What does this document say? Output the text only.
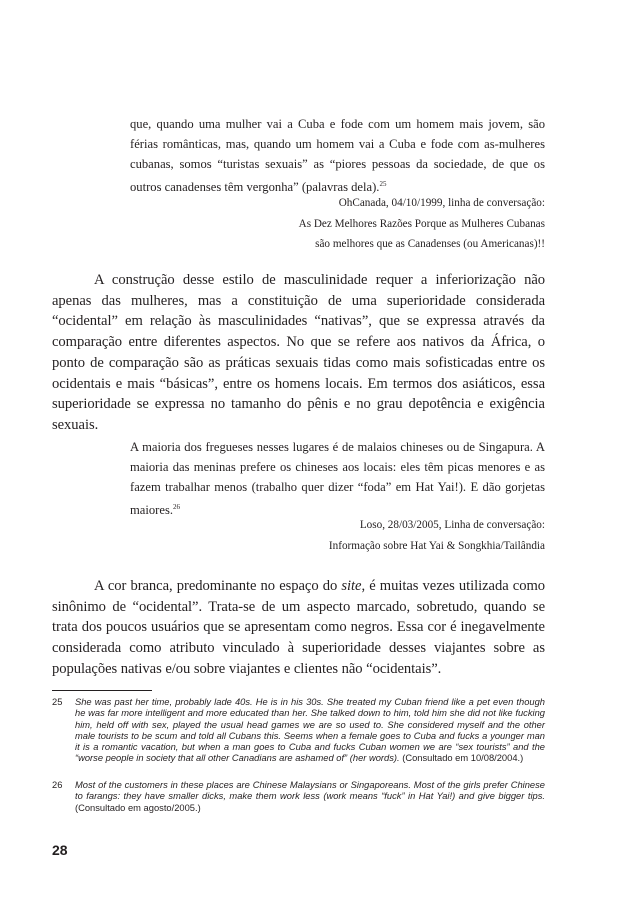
que, quando uma mulher vai a Cuba e fode com um homem mais jovem, são férias românticas, mas, quando um homem vai a Cuba e fode com as-mulheres cubanas, somos “turistas sexuais” as “piores pessoas da sociedade, de que os outros canadenses têm vergonha” (palavras dela).$^{25}$
OhCanada, 04/10/1999, linha de conversação:
As Dez Melhores Razões Porque as Mulheres Cubanas
são melhores que as Canadenses (ou Americanas)!!
A construção desse estilo de masculinidade requer a inferiorização não apenas das mulheres, mas a constituição de uma superioridade considerada “ocidental” em relação às masculinidades “nativas”, que se expressa através da comparação entre diferentes aspectos. No que se refere aos nativos da África, o ponto de comparação são as práticas sexuais tidas como mais sofisticadas entre os ocidentais e mais “básicas”, entre os homens locais. Em termos dos asiáticos, essa superioridade se expressa no tamanho do pênis e no grau depotência e exigência sexuais.
A maioria dos fregueses nesses lugares é de malaios chineses ou de Singapura. A maioria das meninas prefere os chineses aos locais: eles têm picas menores e as fazem trabalhar menos (trabalho quer dizer “foda” em Hat Yai!). E dão gorjetas maiores.$^{26}$
Loso, 28/03/2005, Linha de conversação:
Informação sobre Hat Yai & Songkhia/Tailândia
A cor branca, predominante no espaço do site, é muitas vezes utilizada como sinônimo de “ocidental”. Trata-se de um aspecto marcado, sobretudo, quando se trata dos poucos usuários que se apresentam como negros. Essa cor é inegavelmente considerada como atributo vinculado à superioridade desses viajantes sobre as populações nativas e/ou sobre viajantes e clientes não “ocidentais”.
25 She was past her time, probably lade 40s. He is in his 30s. She treated my Cuban friend like a pet even though he was far more intelligent and more educated than her. She talked down to him, told him she did not like fucking him, held off with sex, played the usual head games we are so used to. She considered myself and the other male tourists to be scum and told all Cubans this. Seems when a female goes to Cuba and fucks a younger man it is a romantic vacation, but when a man goes to Cuba and fucks Cuban women we are “sex tourists” and the “worse people in society that all other Canadians are ashamed of” (her words). (Consultado em 10/08/2004.)
26 Most of the customers in these places are Chinese Malaysians or Singaporeans. Most of the girls prefer Chinese to farangs: they have smaller dicks, make them work less (work means “fuck” in Hat Yai!) and give bigger tips. (Consultado em agosto/2005.)
28
